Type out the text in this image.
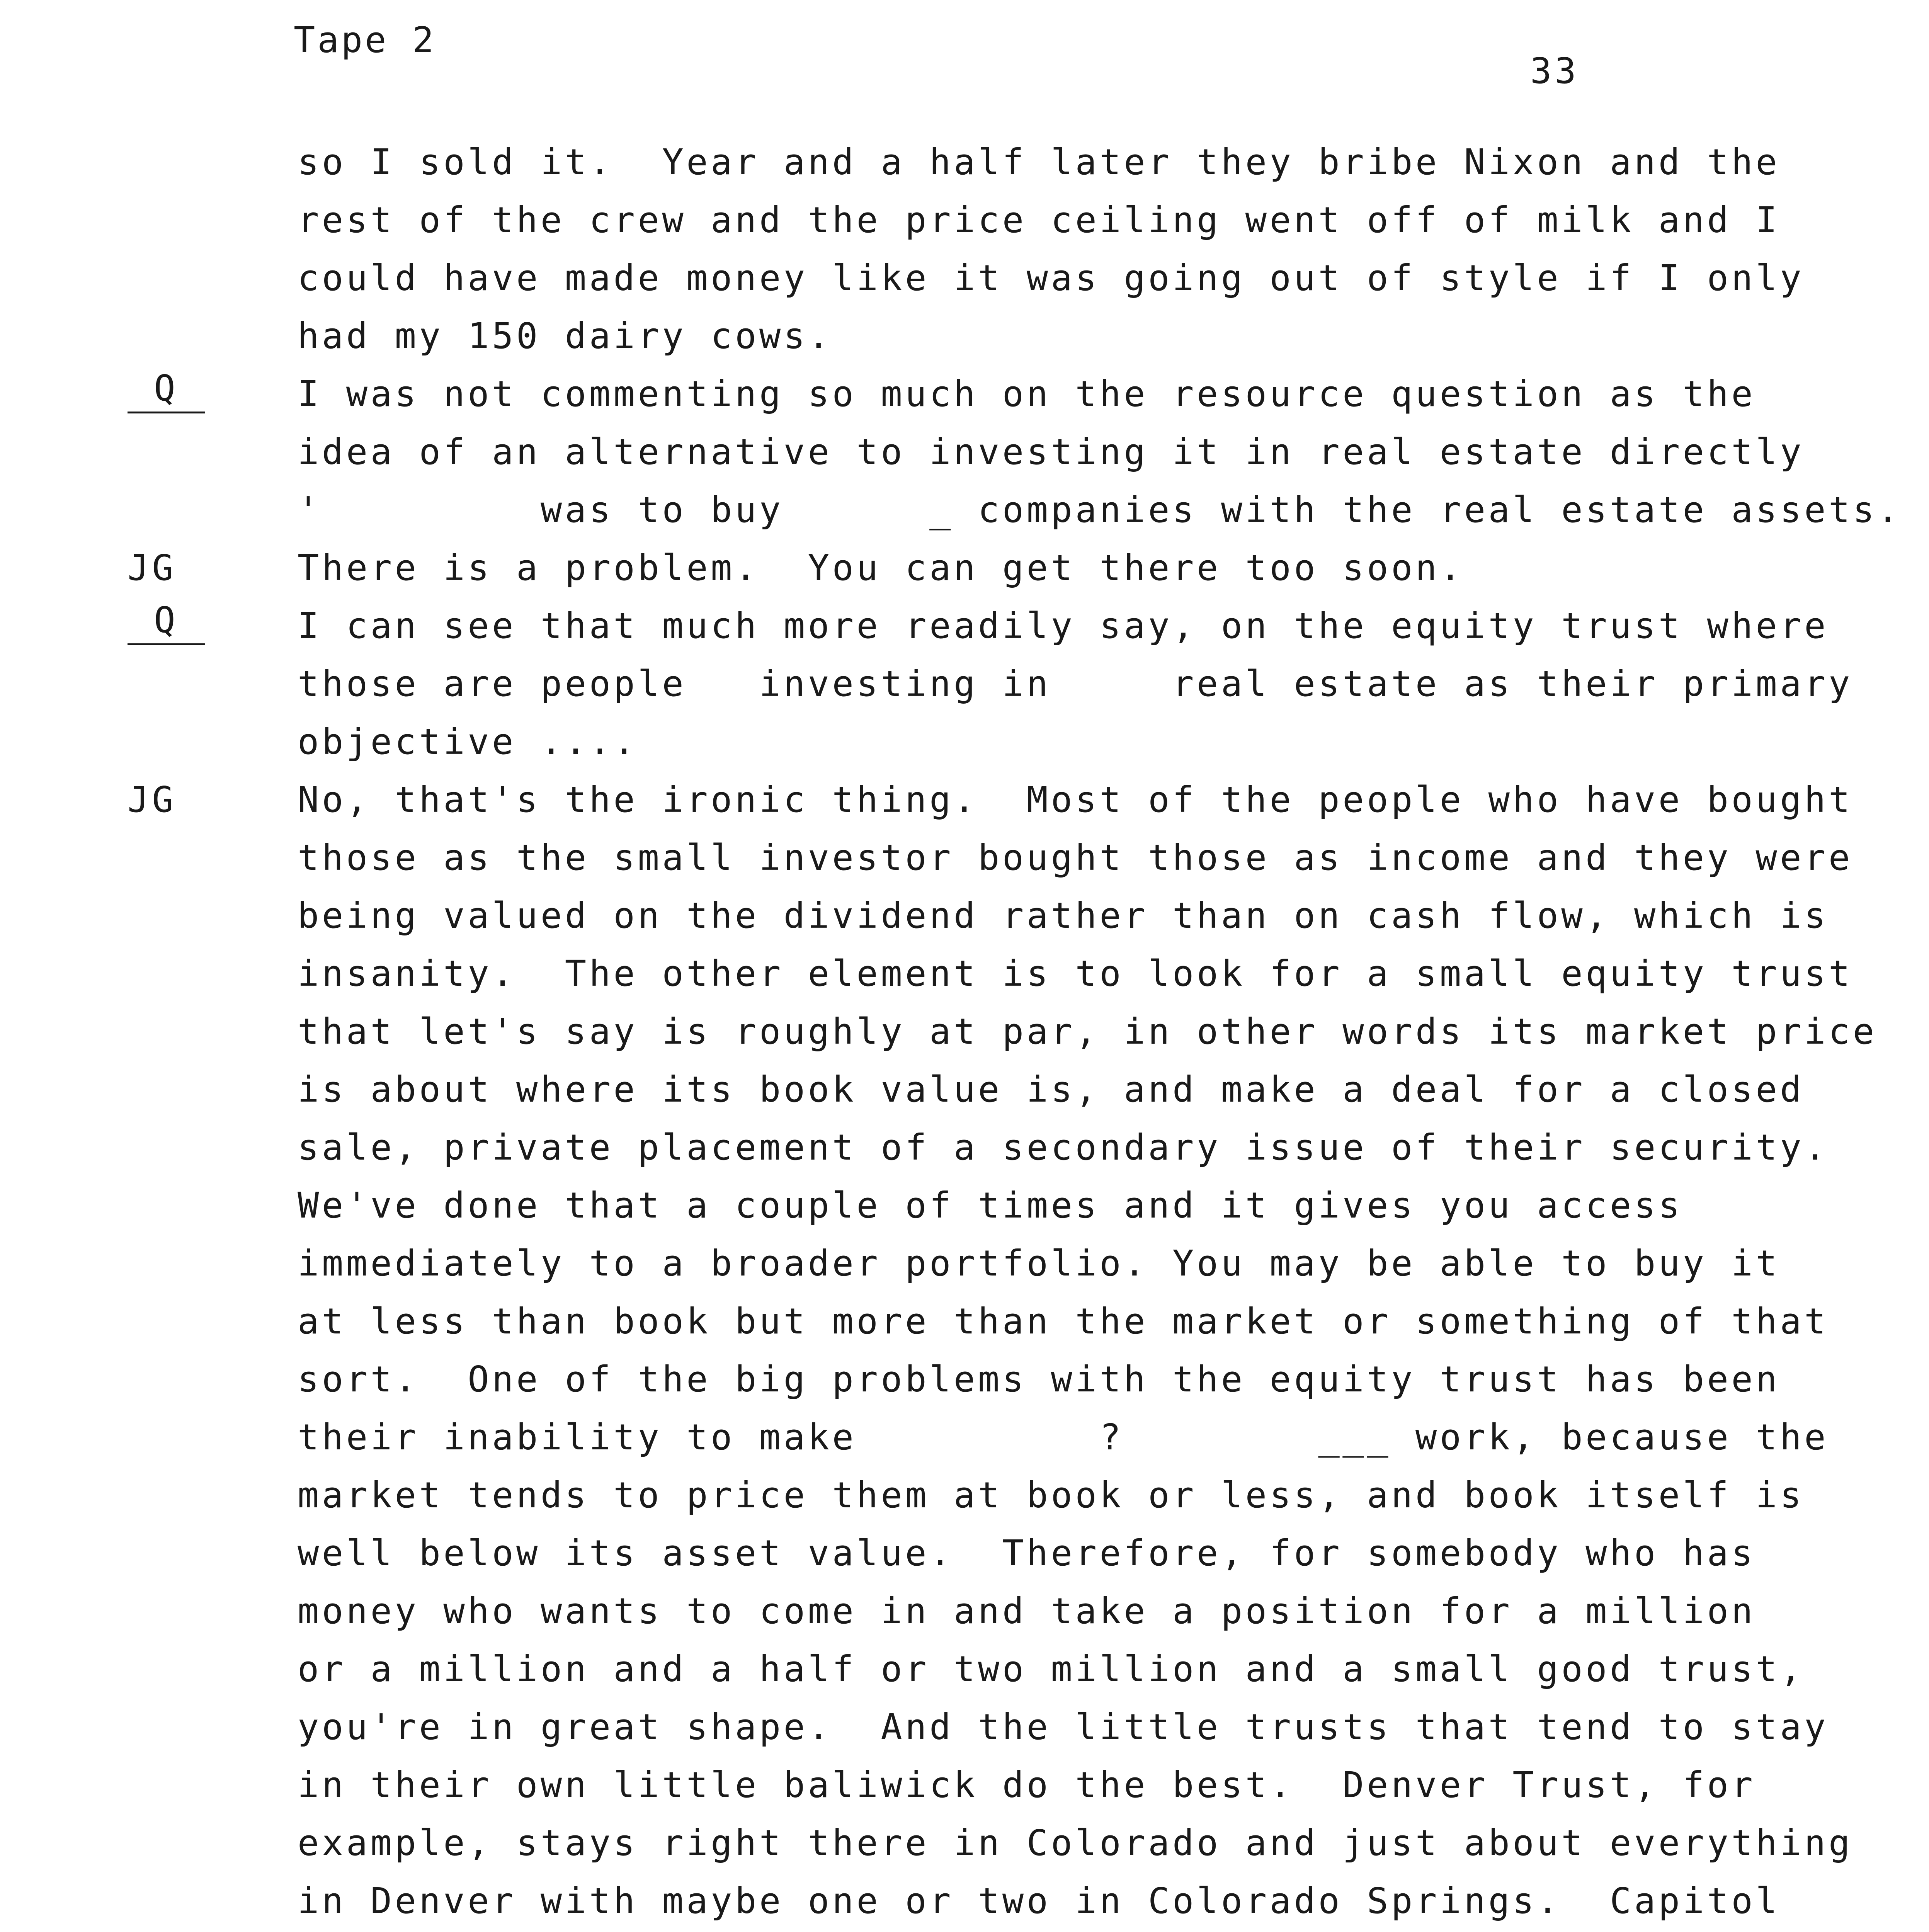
Tape 2
33
so I sold it.  Year and a half later they bribe Nixon and the
rest of the crew and the price ceiling went off of milk and I
could have made money like it was going out of style if I only
had my 150 dairy cows.
Q	I was not commenting so much on the resource question as the
idea of an alternative to investing it in real estate directly
'         was to buy      _ companies with the real estate assets.
JG	There is a problem.  You can get there too soon.
Q	I can see that much more readily say, on the equity trust where
those are people   investing in     real estate as their primary
objective ....
JG	No, that's the ironic thing.  Most of the people who have bought
those as the small investor bought those as income and they were
being valued on the dividend rather than on cash flow, which is
insanity.  The other element is to look for a small equity trust
that let's say is roughly at par, in other words its market price
is about where its book value is, and make a deal for a closed
sale, private placement of a secondary issue of their security.
We've done that a couple of times and it gives you access
immediately to a broader portfolio. You may be able to buy it
at less than book but more than the market or something of that
sort.  One of the big problems with the equity trust has been
their inability to make          ?        ___ work, because the
market tends to price them at book or less, and book itself is
well below its asset value.  Therefore, for somebody who has
money who wants to come in and take a position for a million
or a million and a half or two million and a small good trust,
you're in great shape.  And the little trusts that tend to stay
in their own little baliwick do the best.  Denver Trust, for
example, stays right there in Colorado and just about everything
in Denver with maybe one or two in Colorado Springs.  Capitol
